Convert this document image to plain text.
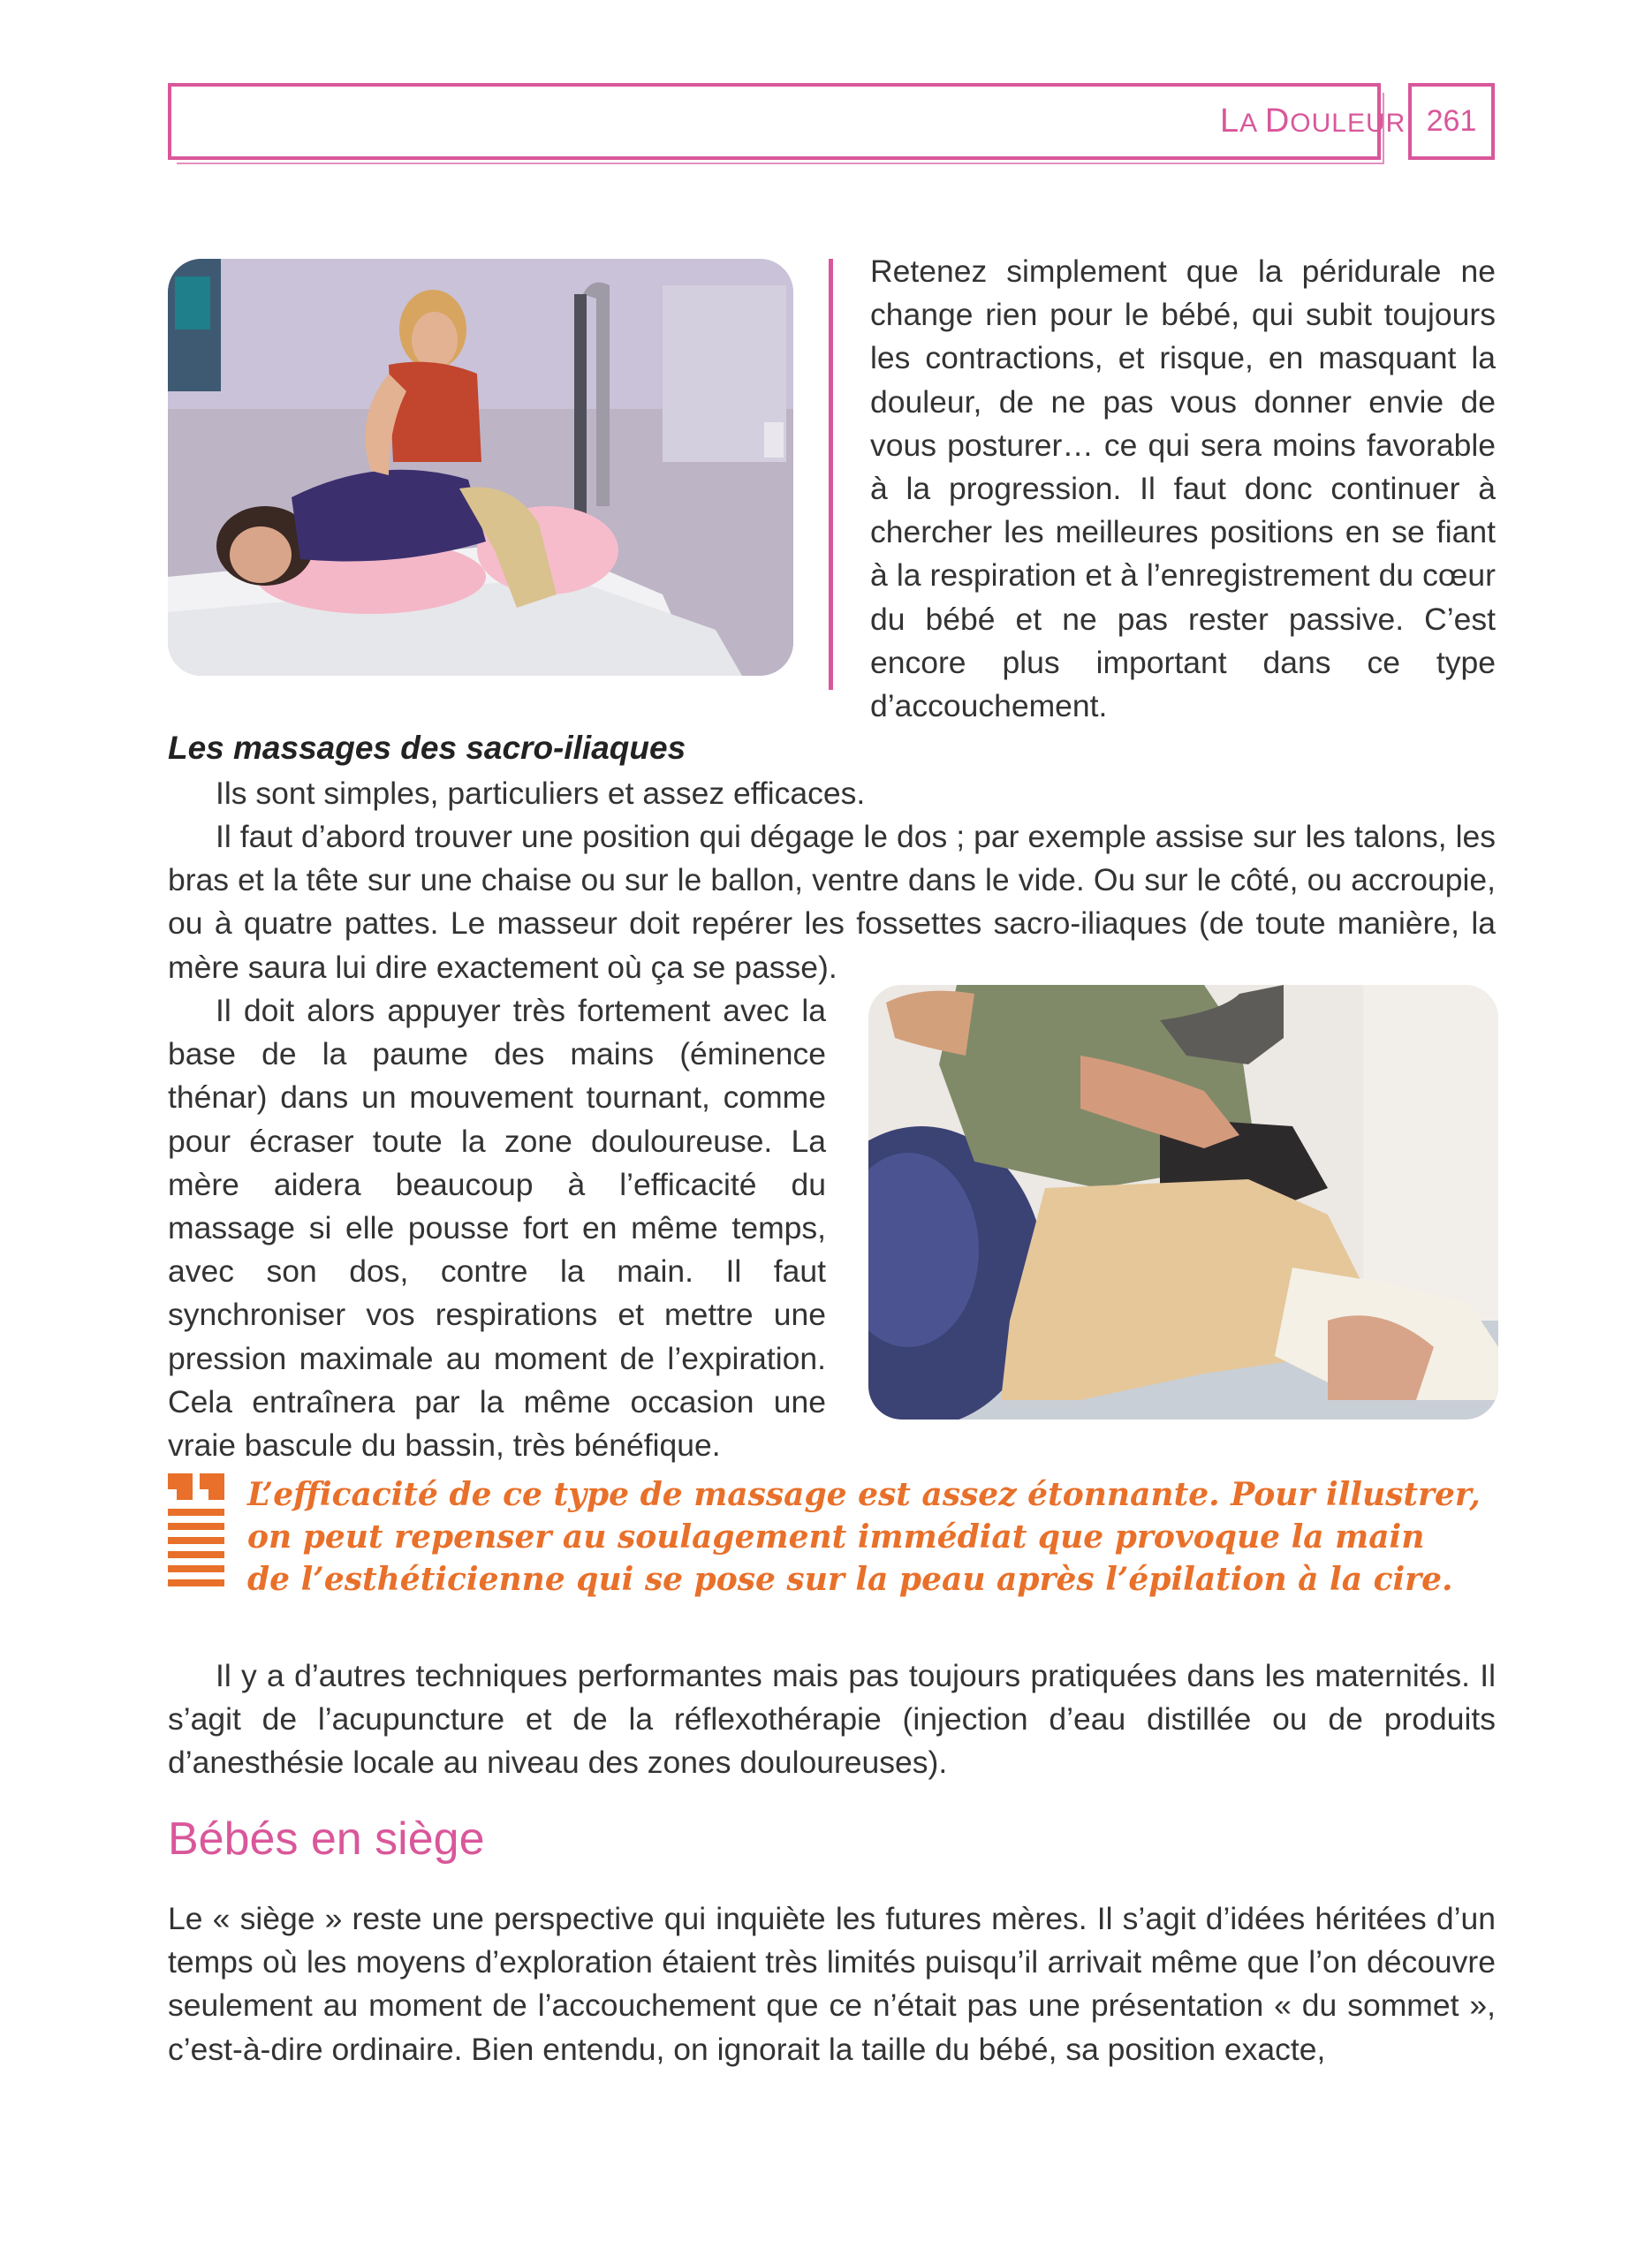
LA DOULEUR 261

Retenez simplement que la péridurale ne change rien pour le bébé, qui subit toujours les contractions, et risque, en masquant la douleur, de ne pas vous donner envie de vous posturer… ce qui sera moins favorable à la progression. Il faut donc continuer à chercher les meilleures positions en se fiant à la respiration et à l’enregistrement du cœur du bébé et ne pas rester passive. C’est encore plus important dans ce type d’accouchement.

Les massages des sacro-iliaques

Ils sont simples, particuliers et assez efficaces.

Il faut d’abord trouver une position qui dégage le dos ; par exemple assise sur les talons, les bras et la tête sur une chaise ou sur le ballon, ventre dans le vide. Ou sur le côté, ou accroupie, ou à quatre pattes. Le masseur doit repérer les fossettes sacro-iliaques (de toute manière, la mère saura lui dire exactement où ça se passe).

Il doit alors appuyer très fortement avec la base de la paume des mains (éminence thénar) dans un mouvement tournant, comme pour écraser toute la zone douloureuse. La mère aidera beaucoup à l’efficacité du massage si elle pousse fort en même temps, avec son dos, contre la main. Il faut synchroniser vos respirations et mettre une pression maximale au moment de l’expiration. Cela entraînera par la même occasion une vraie bascule du bassin, très bénéfique.

L’efficacité de ce type de massage est assez étonnante. Pour illustrer,
on peut repenser au soulagement immédiat que provoque la main
de l’esthéticienne qui se pose sur la peau après l’épilation à la cire.

Il y a d’autres techniques performantes mais pas toujours pratiquées dans les maternités. Il s’agit de l’acupuncture et de la réflexothérapie (injection d’eau distillée ou de produits d’anesthésie locale au niveau des zones douloureuses).

Bébés en siège

Le « siège » reste une perspective qui inquiète les futures mères. Il s’agit d’idées héritées d’un temps où les moyens d’exploration étaient très limités puisqu’il arrivait même que l’on découvre seulement au moment de l’accouchement que ce n’était pas une présentation « du sommet », c’est-à-dire ordinaire. Bien entendu, on ignorait la taille du bébé, sa position exacte,
